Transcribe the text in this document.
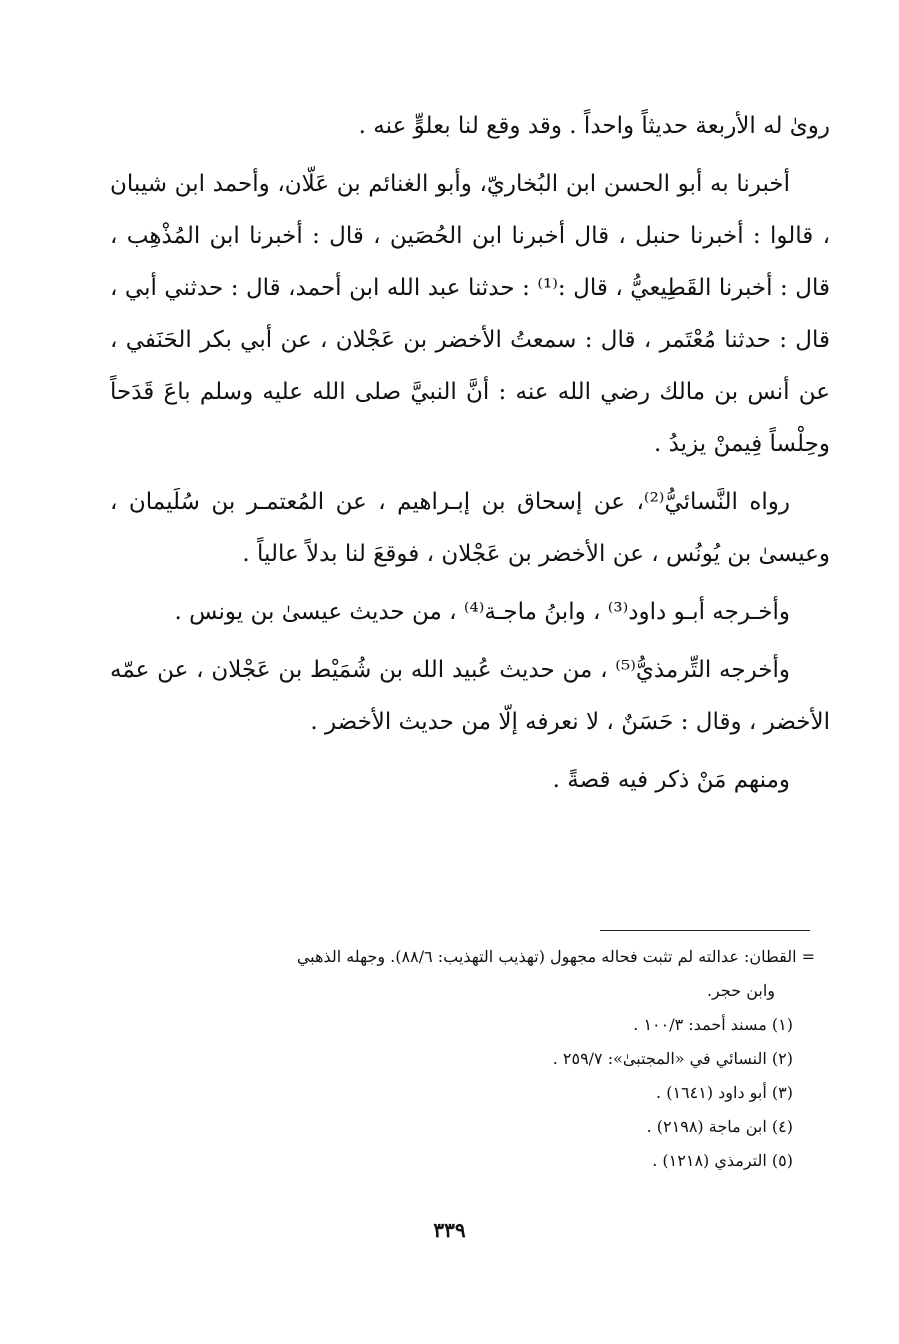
رویٰ له الأربعة حديثاً واحداً . وقد وقع لنا بعلوٍّ عنه .

أخبرنا به أبو الحسن ابن البُخاريّ، وأبو الغنائم بن عَلّان، وأحمد ابن شيبان ، قالوا : أخبرنا حنبل ، قال أخبرنا ابن الحُصَين ، قال : أخبرنا ابن المُذْهِب ، قال : أخبرنا القَطِيعيُّ ، قال :⁽¹⁾ : حدثنا عبد الله ابن أحمد، قال : حدثني أبي ، قال : حدثنا مُعْتَمر ، قال : سمعتُ الأخضر بن عَجْلان ، عن أبي بكر الحَنَفي ، عن أنس بن مالك رضي الله عنه : أنَّ النبيَّ صلى الله عليه وسلم باعَ قَدَحاً وحِلْساً فِيمنْ يزيدُ .

رواه النَّسائيُّ⁽²⁾، عن إسحاق بن إبـراهيم ، عن المُعتمـر بن سُلَيمان ، وعيسىٰ بن يُونُس ، عن الأخضر بن عَجْلان ، فوقعَ لنا بدلاً عالياً .

وأخـرجه أبـو داود⁽³⁾ ، وابنُ ماجـة⁽⁴⁾ ، من حديث عيسىٰ بن يونس .

وأخرجه التِّرمذيُّ⁽⁵⁾ ، من حديث عُبيد الله بن شُمَيْط بن عَجْلان ، عن عمّه الأخضر ، وقال : حَسَنٌ ، لا نعرفه إلّا من حديث الأخضر .

ومنهم مَنْ ذكر فيه قصةً .

= القطان: عدالته لم تثبت فحاله مجهول (تهذيب التهذيب: ٨٨/٦). وجهله الذهبي

وابن حجر.

(١) مسند أحمد: ١٠٠/٣ .

(٢) النسائي في «المجتبىٰ»: ٢٥٩/٧ .

(٣) أبو داود (١٦٤١) .

(٤) ابن ماجة (٢١٩٨) .

(٥) الترمذي (١٢١٨) .

٣٣٩
